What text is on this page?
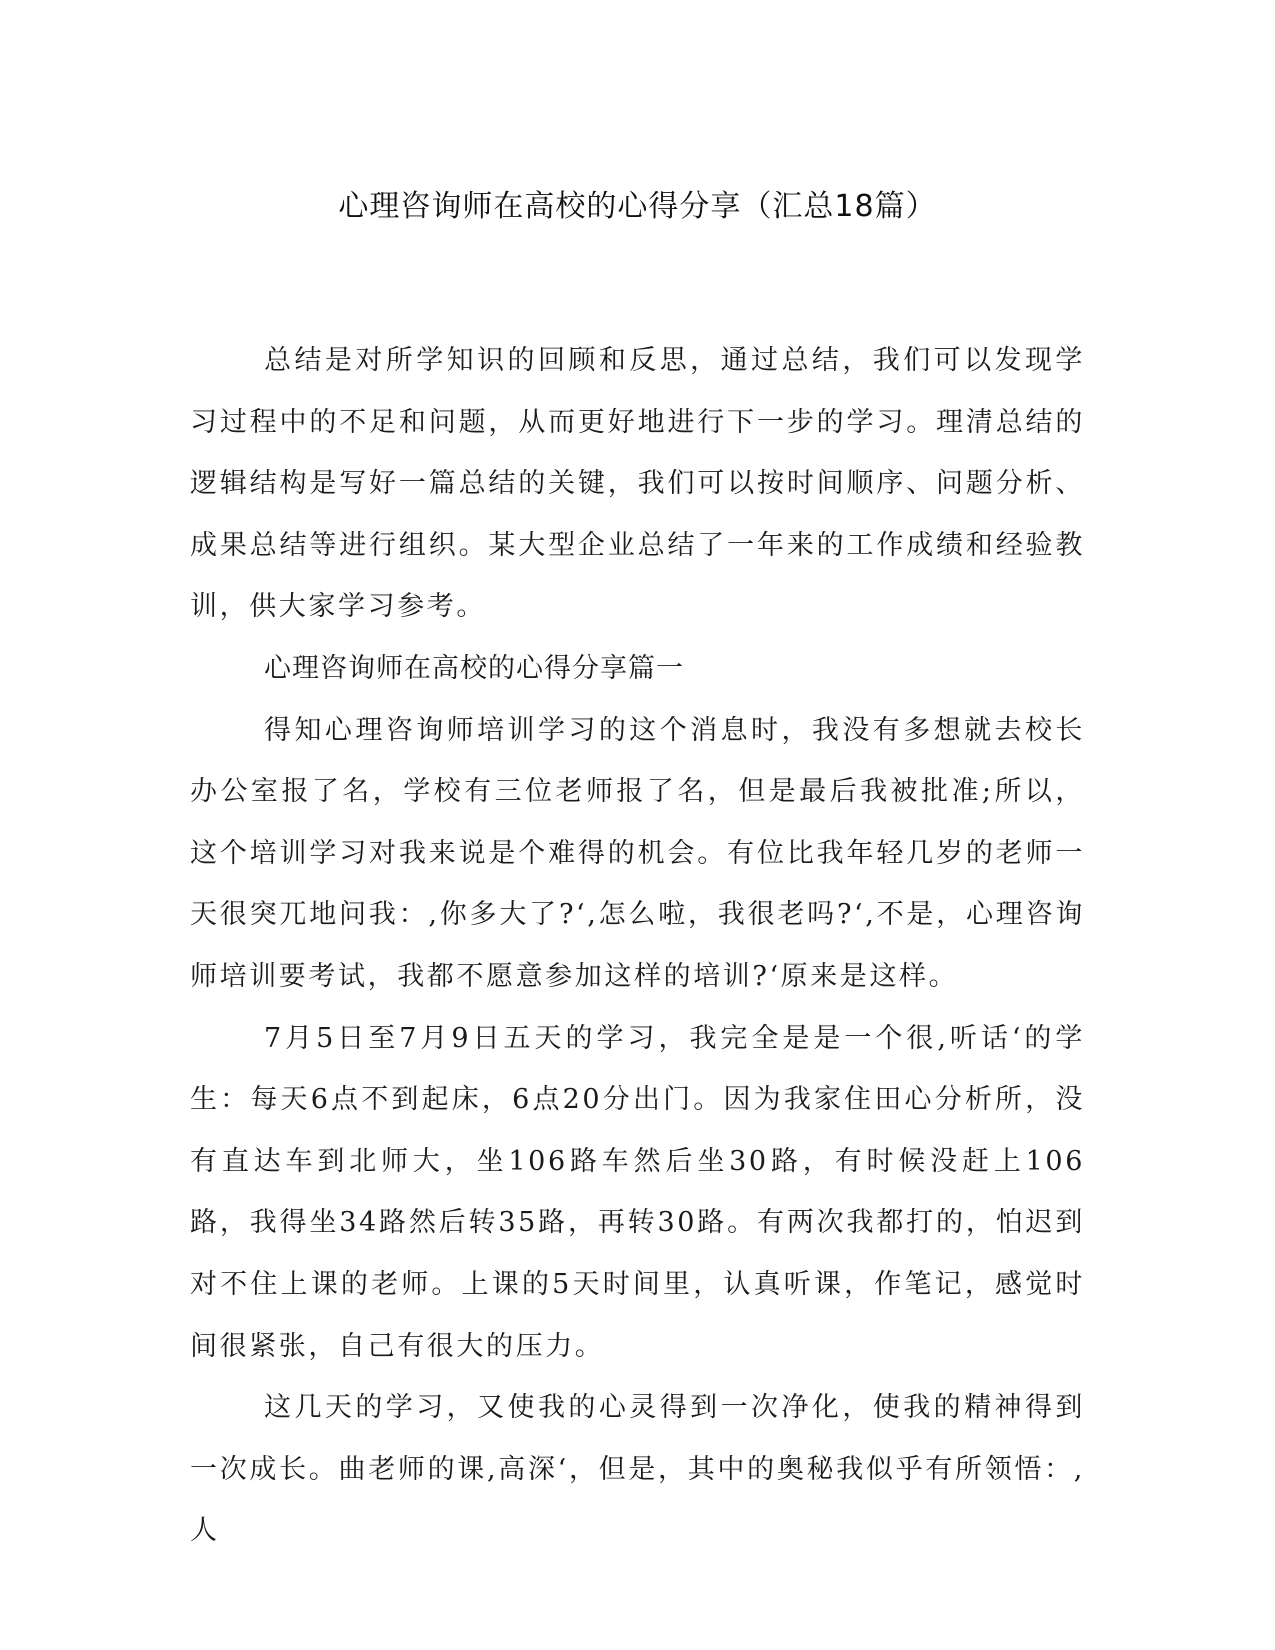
心理咨询师在高校的心得分享（汇总18篇）

总结是对所学知识的回顾和反思，通过总结，我们可以发现学习过程中的不足和问题，从而更好地进行下一步的学习。理清总结的逻辑结构是写好一篇总结的关键，我们可以按时间顺序、问题分析、成果总结等进行组织。某大型企业总结了一年来的工作成绩和经验教训，供大家学习参考。

心理咨询师在高校的心得分享篇一

得知心理咨询师培训学习的这个消息时，我没有多想就去校长办公室报了名，学校有三位老师报了名，但是最后我被批准;所以，这个培训学习对我来说是个难得的机会。有位比我年轻几岁的老师一天很突兀地问我：,你多大了?‘,怎么啦，我很老吗?‘,不是，心理咨询师培训要考试，我都不愿意参加这样的培训?‘原来是这样。

7月5日至7月9日五天的学习，我完全是是一个很,听话‘的学生：每天6点不到起床，6点20分出门。因为我家住田心分析所，没有直达车到北师大，坐106路车然后坐30路，有时候没赶上106路，我得坐34路然后转35路，再转30路。有两次我都打的，怕迟到对不住上课的老师。上课的5天时间里，认真听课，作笔记，感觉时间很紧张，自己有很大的压力。

这几天的学习，又使我的心灵得到一次净化，使我的精神得到一次成长。曲老师的课,高深‘，但是，其中的奥秘我似乎有所领悟：,人
